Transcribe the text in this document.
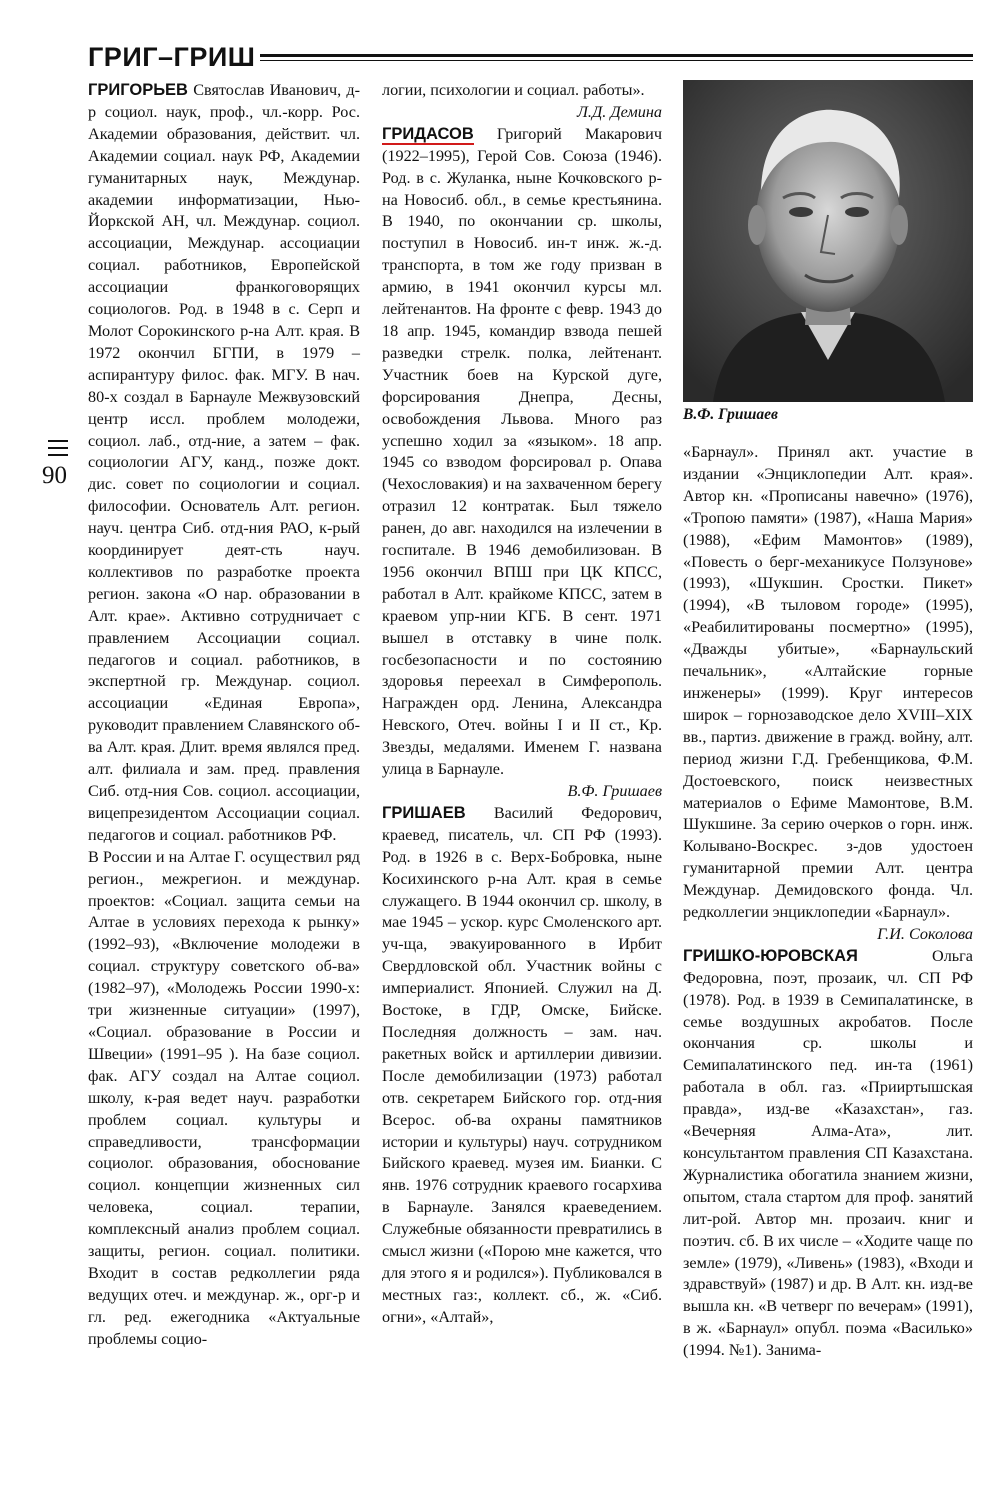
ГРИГ–ГРИШ
90

ГРИГОРЬЕВ Святослав Иванович, д-р социол. наук, проф., чл.-корр. Рос. Академии образования, действит. чл. Академии социал. наук РФ, Академии гуманитарных наук, Междунар. академии информатизации, Нью-Йоркской АН, чл. Междунар. социол. ассоциации, Междунар. ассоциации социал. работников, Европейской ассоциации франкоговорящих социологов. Род. в 1948 в с. Серп и Молот Сорокинского р-на Алт. края. В 1972 окончил БГПИ, в 1979 – аспирантуру филос. фак. МГУ. В нач. 80-х создал в Барнауле Межвузовский центр иссл. проблем молодежи, социол. лаб., отд-ние, а затем – фак. социологии АГУ, канд., позже докт. дис. совет по социологии и социал. философии. Основатель Алт. регион. науч. центра Сиб. отд-ния РАО, к-рый координирует деят-сть науч. коллективов по разработке проекта регион. закона «О нар. образовании в Алт. крае». Активно сотрудничает с правлением Ассоциации социал. педагогов и социал. работников, в экспертной гр. Междунар. социол. ассоциации «Единая Европа», руководит правлением Славянского об-ва Алт. края. Длит. время являлся пред. алт. филиала и зам. пред. правления Сиб. отд-ния Сов. социол. ассоциации, вицепрезидентом Ассоциации социал. педагогов и социал. работников РФ.

В России и на Алтае Г. осуществил ряд регион., межрегион. и междунар. проектов: «Социал. защита семьи на Алтае в условиях перехода к рынку» (1992–93), «Включение молодежи в социал. структуру советского об-ва» (1982–97), «Молодежь России 1990-х: три жизненные ситуации» (1997), «Социал. образование в России и Швеции» (1991–95 ). На базе социол. фак. АГУ создал на Алтае социол. школу, к-рая ведет науч. разработки проблем социал. культуры и справедливости, трансформации социолог. образования, обоснование социол. концепции жизненных сил человека, социал. терапии, комплексный анализ проблем социал. защиты, регион. социал. политики. Входит в состав редколлегии ряда ведущих отеч. и междунар. ж., орг-р и гл. ред. ежегодника «Актуальные проблемы социо-

логии, психологии и социал. работы».

Л.Д. Демина

ГРИДАСОВ Григорий Макарович (1922–1995), Герой Сов. Союза (1946). Род. в с. Жуланка, ныне Кочковского р-на Новосиб. обл., в семье крестьянина. В 1940, по окончании ср. школы, поступил в Новосиб. ин-т инж. ж.-д. транспорта, в том же году призван в армию, в 1941 окончил курсы мл. лейтенантов. На фронте с февр. 1943 до 18 апр. 1945, командир взвода пешей разведки стрелк. полка, лейтенант. Участник боев на Курской дуге, форсирования Днепра, Десны, освобождения Львова. Много раз успешно ходил за «языком». 18 апр. 1945 со взводом форсировал р. Опава (Чехословакия) и на захваченном берегу отразил 12 контратак. Был тяжело ранен, до авг. находился на излечении в госпитале. В 1946 демобилизован. В 1956 окончил ВПШ при ЦК КПСС, работал в Алт. крайкоме КПСС, затем в краевом упр-нии КГБ. В сент. 1971 вышел в отставку в чине полк. госбезопасности и по состоянию здоровья переехал в Симферополь. Награжден орд. Ленина, Александра Невского, Отеч. войны I и II ст., Кр. Звезды, медалями. Именем Г. названа улица в Барнауле.

В.Ф. Гришаев

ГРИШАЕВ Василий Федорович, краевед, писатель, чл. СП РФ (1993). Род. в 1926 в с. Верх-Бобровка, ныне Косихинского р-на Алт. края в семье служащего. В 1944 окончил ср. школу, в мае 1945 – ускор. курс Смоленского арт. уч-ща, эвакуированного в Ирбит Свердловской обл. Участник войны с империалист. Японией. Служил на Д. Востоке, в ГДР, Омске, Бийске. Последняя должность – зам. нач. ракетных войск и артиллерии дивизии. После демобилизации (1973) работал отв. секретарем Бийского гор. отд-ния Всерос. об-ва охраны памятников истории и культуры) науч. сотрудником Бийского краевед. музея им. Бианки. С янв. 1976 сотрудник краевого госархива в Барнауле. Занялся краеведением. Служебные обязанности превратились в смысл жизни («Порою мне кажется, что для этого я и родился»). Публиковался в местных газ:, коллект. сб., ж. «Сиб. огни», «Алтай»,

В.Ф. Гришаев

«Барнаул». Принял акт. участие в издании «Энциклопедии Алт. края». Автор кн. «Прописаны навечно» (1976), «Тропою памяти» (1987), «Наша Мария» (1988), «Ефим Мамонтов» (1989), «Повесть о берг-механикусе Ползунове» (1993), «Шукшин. Сростки. Пикет» (1994), «В тыловом городе» (1995), «Реабилитированы посмертно» (1995), «Дважды убитые», «Барнаульский печальник», «Алтайские горные инженеры» (1999). Круг интересов широк – горнозаводское дело XVIII–XIX вв., партиз. движение в гражд. войну, алт. период жизни Г.Д. Гребенщикова, Ф.М. Достоевского, поиск неизвестных материалов о Ефиме Мамонтове, В.М. Шукшине. За серию очерков о горн. инж. Колывано-Воскрес. з-дов удостоен гуманитарной премии Алт. центра Междунар. Демидовского фонда. Чл. редколлегии энциклопедии «Барнаул».

Г.И. Соколова

ГРИШКО-ЮРОВСКАЯ Ольга Федоровна, поэт, прозаик, чл. СП РФ (1978). Род. в 1939 в Семипалатинске, в семье воздушных акробатов. После окончания ср. школы и Семипалатинского пед. ин-та (1961) работала в обл. газ. «Прииртышская правда», изд-ве «Казахстан», газ. «Вечерняя Алма-Ата», лит. консультантом правления СП Казахстана. Журналистика обогатила знанием жизни, опытом, стала стартом для проф. занятий лит-рой. Автор мн. прозаич. книг и поэтич. сб. В их числе – «Ходите чаще по земле» (1979), «Ливень» (1983), «Входи и здравствуй» (1987) и др. В Алт. кн. изд-ве вышла кн. «В четверг по вечерам» (1991), в ж. «Барнаул» опубл. поэма «Василько» (1994. №1). Занима-
